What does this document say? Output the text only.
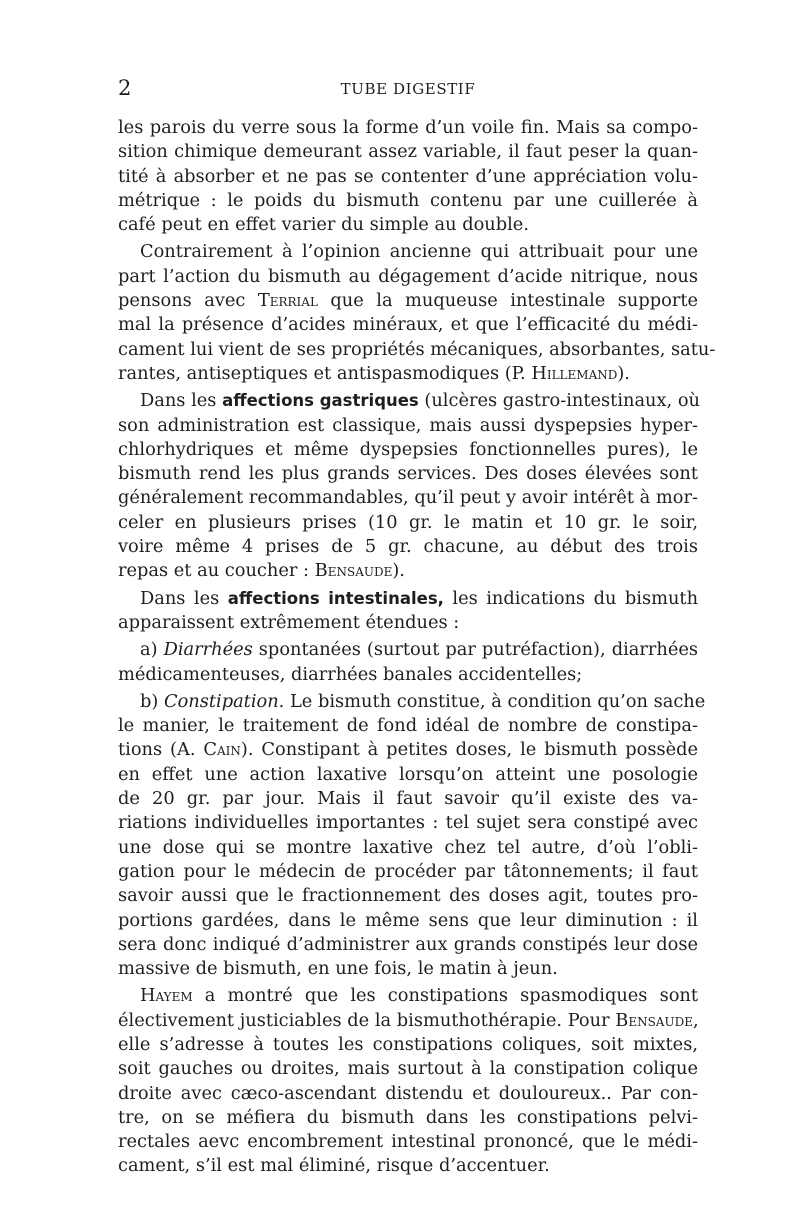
2	TUBE DIGESTIF
les parois du verre sous la forme d’un voile fin. Mais sa compo-
sition chimique demeurant assez variable, il faut peser la quan-
tité à absorber et ne pas se contenter d’une appréciation volu-
métrique : le poids du bismuth contenu par une cuillerée à
café peut en effet varier du simple au double.
Contrairement à l’opinion ancienne qui attribuait pour une
part l’action du bismuth au dégagement d’acide nitrique, nous
pensons avec Terrial que la muqueuse intestinale supporte
mal la présence d’acides minéraux, et que l’efficacité du médi-
cament lui vient de ses propriétés mécaniques, absorbantes, satu-
rantes, antiseptiques et antispasmodiques (P. Hillemand).
Dans les affections gastriques (ulcères gastro-intestinaux, où
son administration est classique, mais aussi dyspepsies hyper-
chlorhydriques et même dyspepsies fonctionnelles pures), le
bismuth rend les plus grands services. Des doses élevées sont
généralement recommandables, qu’il peut y avoir intérêt à mor-
celer en plusieurs prises (10 gr. le matin et 10 gr. le soir,
voire même 4 prises de 5 gr. chacune, au début des trois
repas et au coucher : Bensaude).
Dans les affections intestinales, les indications du bismuth
apparaissent extrêmement étendues :
a) Diarrhées spontanées (surtout par putréfaction), diarrhées
médicamenteuses, diarrhées banales accidentelles;
b) Constipation. Le bismuth constitue, à condition qu’on sache
le manier, le traitement de fond idéal de nombre de constipa-
tions (A. Cain). Constipant à petites doses, le bismuth possède
en effet une action laxative lorsqu’on atteint une posologie
de 20 gr. par jour. Mais il faut savoir qu’il existe des va-
riations individuelles importantes : tel sujet sera constipé avec
une dose qui se montre laxative chez tel autre, d’où l’obli-
gation pour le médecin de procéder par tâtonnements; il faut
savoir aussi que le fractionnement des doses agit, toutes pro-
portions gardées, dans le même sens que leur diminution : il
sera donc indiqué d’administrer aux grands constipés leur dose
massive de bismuth, en une fois, le matin à jeun.
Hayem a montré que les constipations spasmodiques sont
électivement justiciables de la bismuthothérapie. Pour Bensaude,
elle s’adresse à toutes les constipations coliques, soit mixtes,
soit gauches ou droites, mais surtout à la constipation colique
droite avec cæco-ascendant distendu et douloureux.. Par con-
tre, on se méfiera du bismuth dans les constipations pelvi-
rectales aevc encombrement intestinal prononcé, que le médi-
cament, s’il est mal éliminé, risque d’accentuer.
